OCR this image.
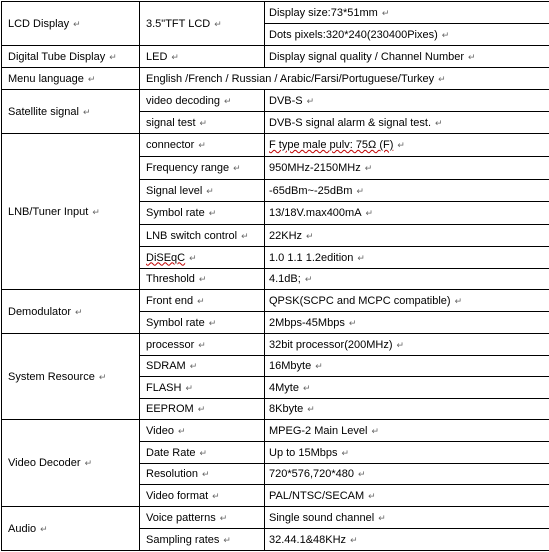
LCD Display ↵	3.5"TFT LCD ↵	Display size:73*51mm ↵
		Dots pixels:320*240(230400Pixes) ↵
Digital Tube Display ↵	LED ↵	Display signal quality / Channel Number ↵
Menu language ↵	English /French / Russian / Arabic/Farsi/Portuguese/Turkey ↵	
Satellite signal ↵	video decoding ↵	DVB-S ↵
	signal test ↵	DVB-S signal alarm & signal test. ↵
LNB/Tuner Input ↵	connector ↵	F type male pulv: 75Ω (F) ↵
	Frequency range ↵	950MHz-2150MHz ↵
	Signal level ↵	-65dBm~-25dBm ↵
	Symbol rate ↵	13/18V.max400mA ↵
	LNB switch control ↵	22KHz ↵
	DiSEqC ↵	1.0 1.1 1.2edition ↵
	Threshold ↵	4.1dB; ↵
Demodulator ↵	Front end ↵	QPSK(SCPC and MCPC compatible) ↵
	Symbol rate ↵	2Mbps-45Mbps ↵
System Resource ↵	processor ↵	32bit processor(200MHz) ↵
	SDRAM ↵	16Mbyte ↵
	FLASH ↵	4Myte ↵
	EEPROM ↵	8Kbyte ↵
Video Decoder ↵	Video ↵	MPEG-2 Main Level ↵
	Date Rate ↵	Up to 15Mbps ↵
	Resolution ↵	720*576,720*480 ↵
	Video format ↵	PAL/NTSC/SECAM ↵
Audio ↵	Voice patterns ↵	Single sound channel ↵
	Sampling rates ↵	32.44.1&48KHz ↵
